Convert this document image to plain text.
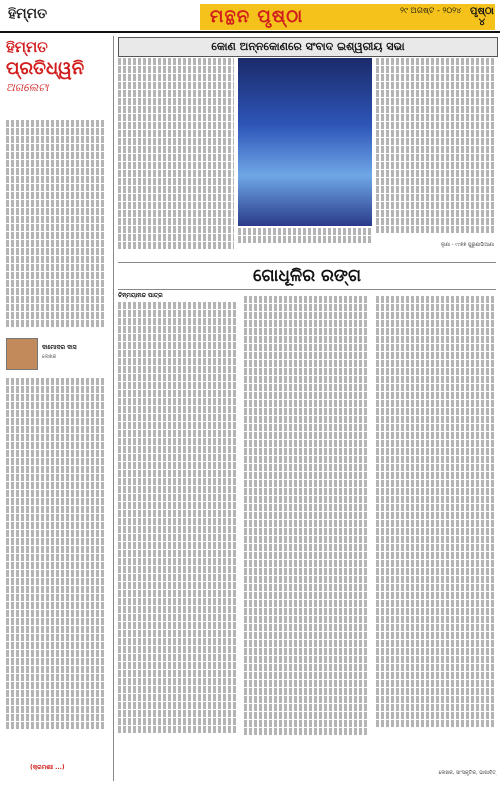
ହିମ୍ମତ	ମନ୍ଥନ ପୃଷ୍ଠା	୨୯ ଅଗଷ୍ଟ - ୨୦୨୪ ପୃଷ୍ଠା
୪
ହିମ୍ମତ
ପ୍ରତିଧ୍ୱନି
ଅଗଲେଟା
ଦାମୋଦର ଦାସ
ଲେଖକ
(କ୍ରମଶଃ ...)
କୋଣ ଅନ୍ନକୋଣରେ ସଂବାଦ ଇଶ୍ୱରୀୟ ସଭା
ଲୁଣା - ୯୯୭୭ ପୁରୁଣାଭିଆଣା
ଗୋଧୂଳିର ରଙ୍ଗ
ଚିନ୍ମୟାନନ୍ଦ ପାତ୍ର
ଲେଖକ, ସାଂସ୍କୃତିକ, ଭାଷାବିତ୍
